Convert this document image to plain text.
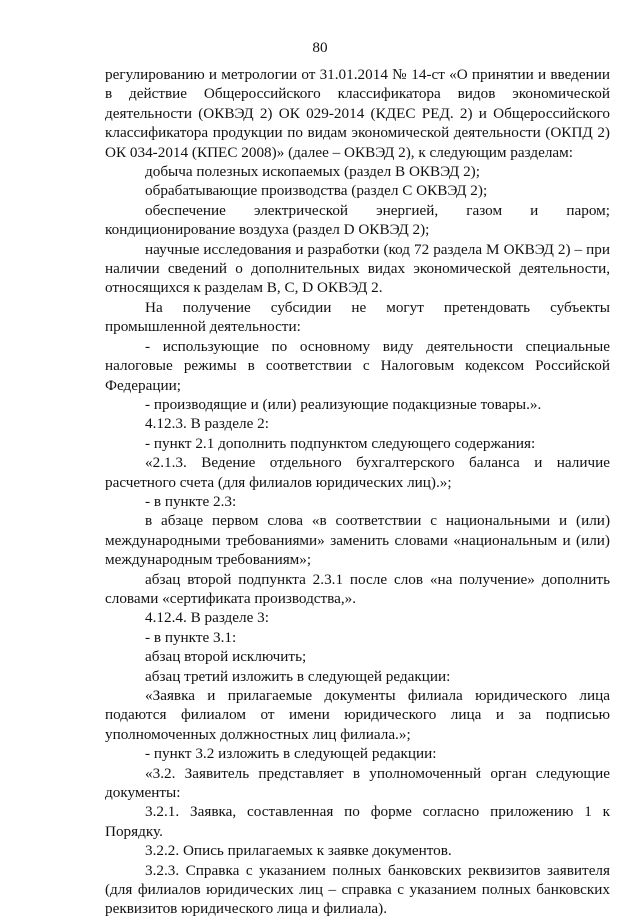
80

регулированию и метрологии от 31.01.2014 № 14-ст «О принятии и введении в действие Общероссийского классификатора видов экономической деятельности (ОКВЭД 2) ОК 029-2014 (КДЕС РЕД. 2) и Общероссийского классификатора продукции по видам экономической деятельности (ОКПД 2) ОК 034-2014 (КПЕС 2008)» (далее – ОКВЭД 2), к следующим разделам:

добыча полезных ископаемых (раздел B ОКВЭД 2);

обрабатывающие производства (раздел C ОКВЭД 2);

обеспечение электрической энергией, газом и паром; кондиционирование воздуха (раздел D ОКВЭД 2);

научные исследования и разработки (код 72 раздела M ОКВЭД 2) – при наличии сведений о дополнительных видах экономической деятельности, относящихся к разделам B, C, D ОКВЭД 2.

На получение субсидии не могут претендовать субъекты промышленной деятельности:

- использующие по основному виду деятельности специальные налоговые режимы в соответствии с Налоговым кодексом Российской Федерации;

- производящие и (или) реализующие подакцизные товары.».

4.12.3. В разделе 2:

- пункт 2.1 дополнить подпунктом следующего содержания:

«2.1.3. Ведение отдельного бухгалтерского баланса и наличие расчетного счета (для филиалов юридических лиц).»;

- в пункте 2.3:

в абзаце первом слова «в соответствии с национальными и (или) международными требованиями» заменить словами «национальным и (или) международным требованиям»;

абзац второй подпункта 2.3.1 после слов «на получение» дополнить словами «сертификата производства,».

4.12.4. В разделе 3:

- в пункте 3.1:

абзац второй исключить;

абзац третий изложить в следующей редакции:

«Заявка и прилагаемые документы филиала юридического лица подаются филиалом от имени юридического лица и за подписью уполномоченных должностных лиц филиала.»;

- пункт 3.2 изложить в следующей редакции:

«3.2. Заявитель представляет в уполномоченный орган следующие документы:

3.2.1. Заявка, составленная по форме согласно приложению 1 к Порядку.

3.2.2. Опись прилагаемых к заявке документов.

3.2.3. Справка с указанием полных банковских реквизитов заявителя (для филиалов юридических лиц – справка с указанием полных банковских реквизитов юридического лица и филиала).
